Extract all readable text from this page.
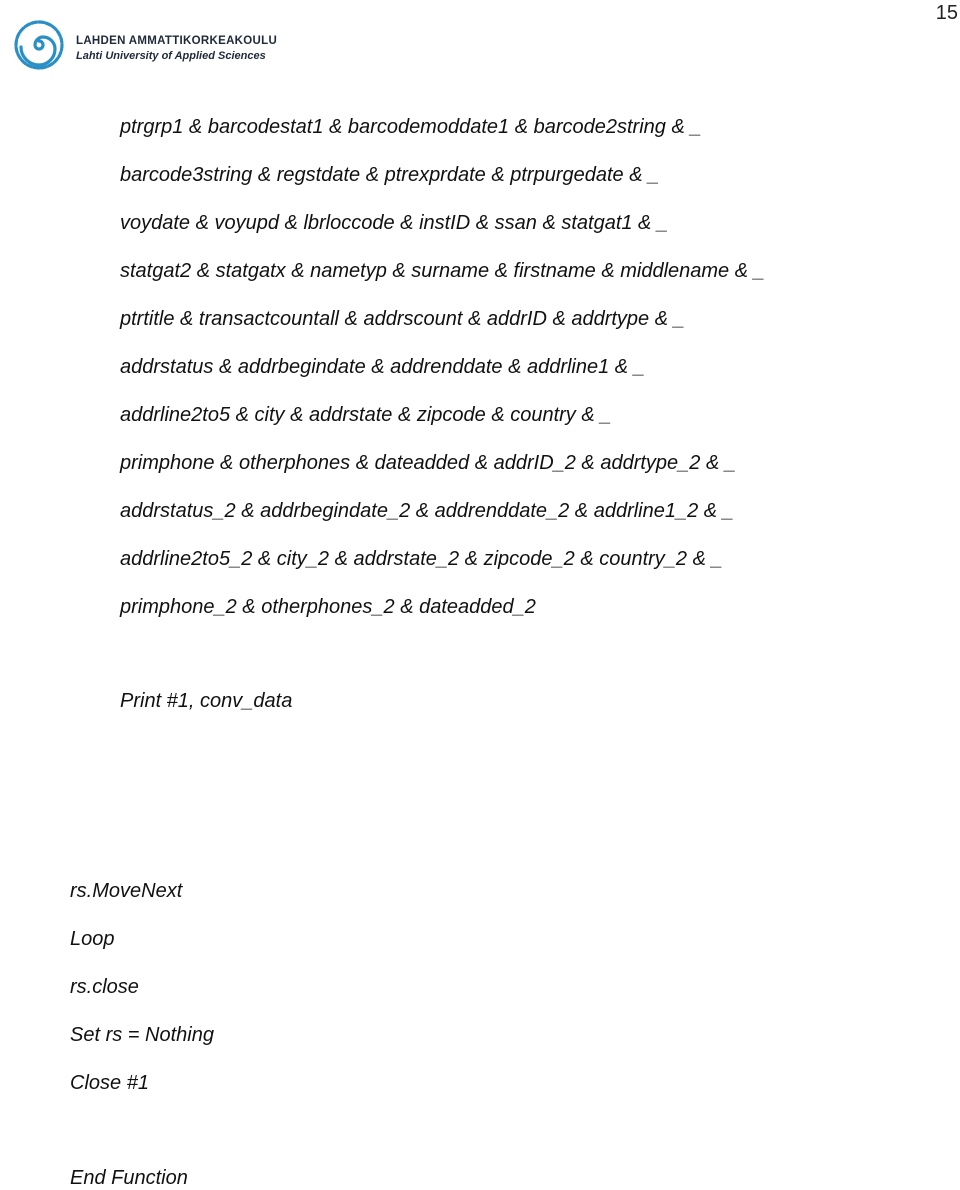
15
LAHDEN AMMATTIKORKEAKOULU
Lahti University of Applied Sciences
ptrgrp1 & barcodestat1 & barcodemoddate1 & barcode2string & _
barcode3string & regstdate & ptrexprdate & ptrpurgedate & _
voydate & voyupd & lbrloccode & instID & ssan & statgat1 & _
statgat2 & statgatx & nametyp & surname & firstname & middlename & _
ptrtitle & transactcountall & addrscount & addrID & addrtype & _
addrstatus & addrbegindate & addrenddate & addrline1 & _
addrline2to5 & city & addrstate & zipcode & country & _
primphone & otherphones & dateadded & addrID_2 & addrtype_2 & _
addrstatus_2 & addrbegindate_2 & addrenddate_2 & addrline1_2 & _
addrline2to5_2 & city_2 & addrstate_2 & zipcode_2 & country_2 & _
primphone_2 & otherphones_2 & dateadded_2
Print #1, conv_data
rs.MoveNext
Loop
rs.close
Set rs = Nothing
Close #1
End Function
